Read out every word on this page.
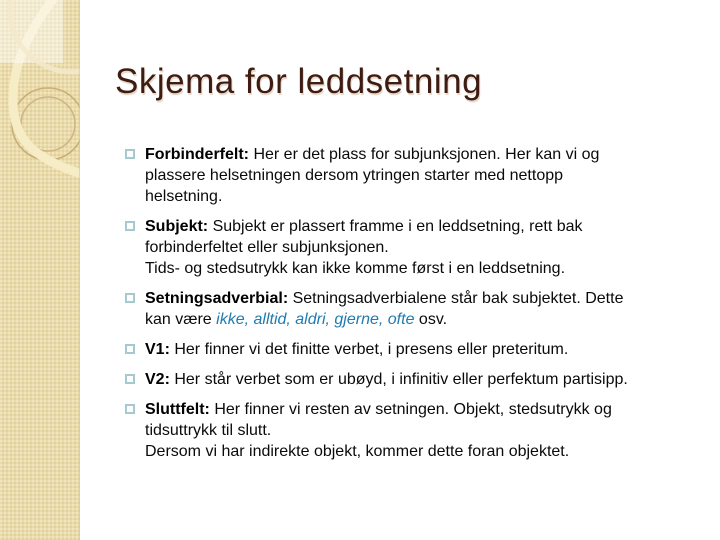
Skjema for leddsetning
Forbinderfelt: Her er det plass for subjunksjonen. Her kan vi og
plassere helsetningen dersom ytringen starter med nettopp
helsetning.
Subjekt: Subjekt er plassert framme i en leddsetning, rett bak
forbinderfeltet eller subjunksjonen.
Tids- og stedsutrykk kan ikke komme først i en leddsetning.
Setningsadverbial: Setningsadverbialene står bak subjektet. Dette
kan være ikke, alltid, aldri, gjerne, ofte osv.
V1: Her finner vi det finitte verbet, i presens eller preteritum.
V2: Her står verbet som er ubøyd, i infinitiv eller perfektum partisipp.
Sluttfelt: Her finner vi resten av setningen. Objekt, stedsutrykk og
tidsuttrykk til slutt.
Dersom vi har indirekte objekt, kommer dette foran objektet.
